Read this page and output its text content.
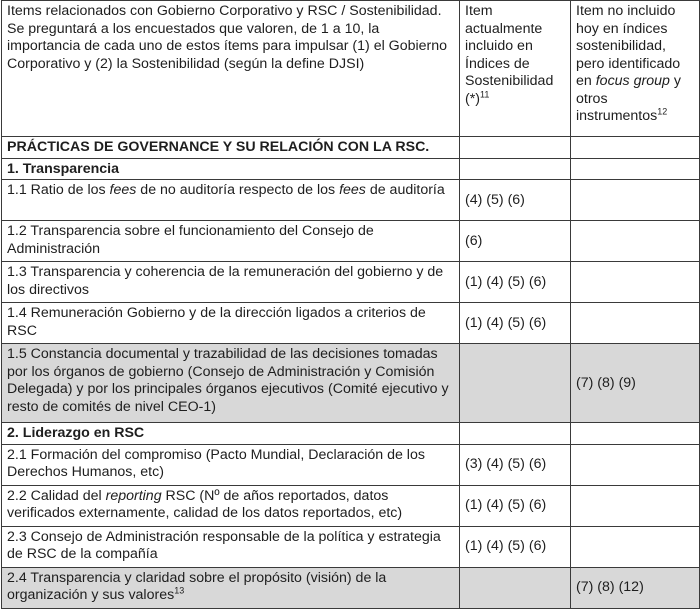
Items relacionados con Gobierno Corporativo y RSC / Sostenibilidad. Se preguntará a los encuestados que valoren, de 1 a 10, la importancia de cada uno de estos ítems para impulsar (1) el Gobierno Corporativo y (2) la Sostenibilidad (según la define DJSI)	Item actualmente incluido en Índices de Sostenibilidad $(*)^{11}$	Item no incluido hoy en índices sostenibilidad, pero identificado en focus group y otros instrumentos$^{12}$
PRÁCTICAS DE GOVERNANCE Y SU RELACIÓN CON LA RSC.		
1. Transparencia		
1.1 Ratio de los fees de no auditoría respecto de los fees de auditoría	(4) (5) (6)	
1.2 Transparencia sobre el funcionamiento del Consejo de Administración	(6)	
1.3 Transparencia y coherencia de la remuneración del gobierno y de los directivos	(1) (4) (5) (6)	
1.4 Remuneración Gobierno y de la dirección ligados a criterios de RSC	(1) (4) (5) (6)	
1.5 Constancia documental y trazabilidad de las decisiones tomadas por los órganos de gobierno (Consejo de Administración y Comisión Delegada) y por los principales órganos ejecutivos (Comité ejecutivo y resto de comités de nivel CEO-1)		(7) (8) (9)
2. Liderazgo en RSC		
2.1 Formación del compromiso (Pacto Mundial, Declaración de los Derechos Humanos, etc)	(3) (4) (5) (6)	
2.2 Calidad del reporting RSC (Nº de años reportados, datos verificados externamente, calidad de los datos reportados, etc)	(1) (4) (5) (6)	
2.3 Consejo de Administración responsable de la política y estrategia de RSC de la compañía	(1) (4) (5) (6)	
2.4 Transparencia y claridad sobre el propósito (visión) de la organización y sus valores$^{13}$		(7) (8) (12)
